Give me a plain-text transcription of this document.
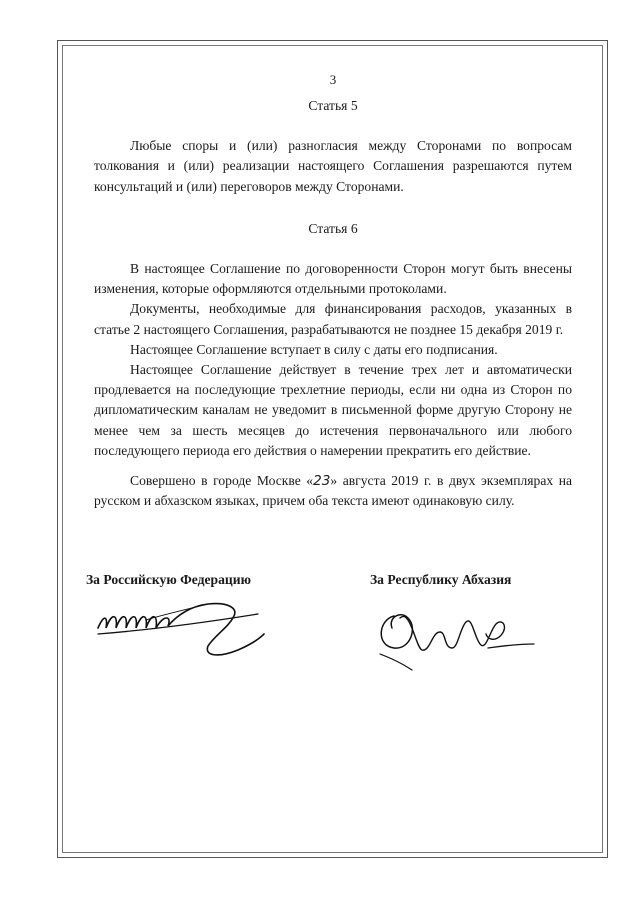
3
Статья 5

Любые споры и (или) разногласия между Сторонами по вопросам толкования и (или) реализации настоящего Соглашения разрешаются путем консультаций и (или) переговоров между Сторонами.

Статья 6

В настоящее Соглашение по договоренности Сторон могут быть внесены изменения, которые оформляются отдельными протоколами.

Документы, необходимые для финансирования расходов, указанных в статье 2 настоящего Соглашения, разрабатываются не позднее 15 декабря 2019 г.

Настоящее Соглашение вступает в силу с даты его подписания.

Настоящее Соглашение действует в течение трех лет и автоматически продлевается на последующие трехлетние периоды, если ни одна из Сторон по дипломатическим каналам не уведомит в письменной форме другую Сторону не менее чем за шесть месяцев до истечения первоначального или любого последующего периода его действия о намерении прекратить его действие.

Совершено в городе Москве «23» августа 2019 г. в двух экземплярах на русском и абхазском языках, причем оба текста имеют одинаковую силу.

За Российскую Федерацию	За Республику Абхазия
